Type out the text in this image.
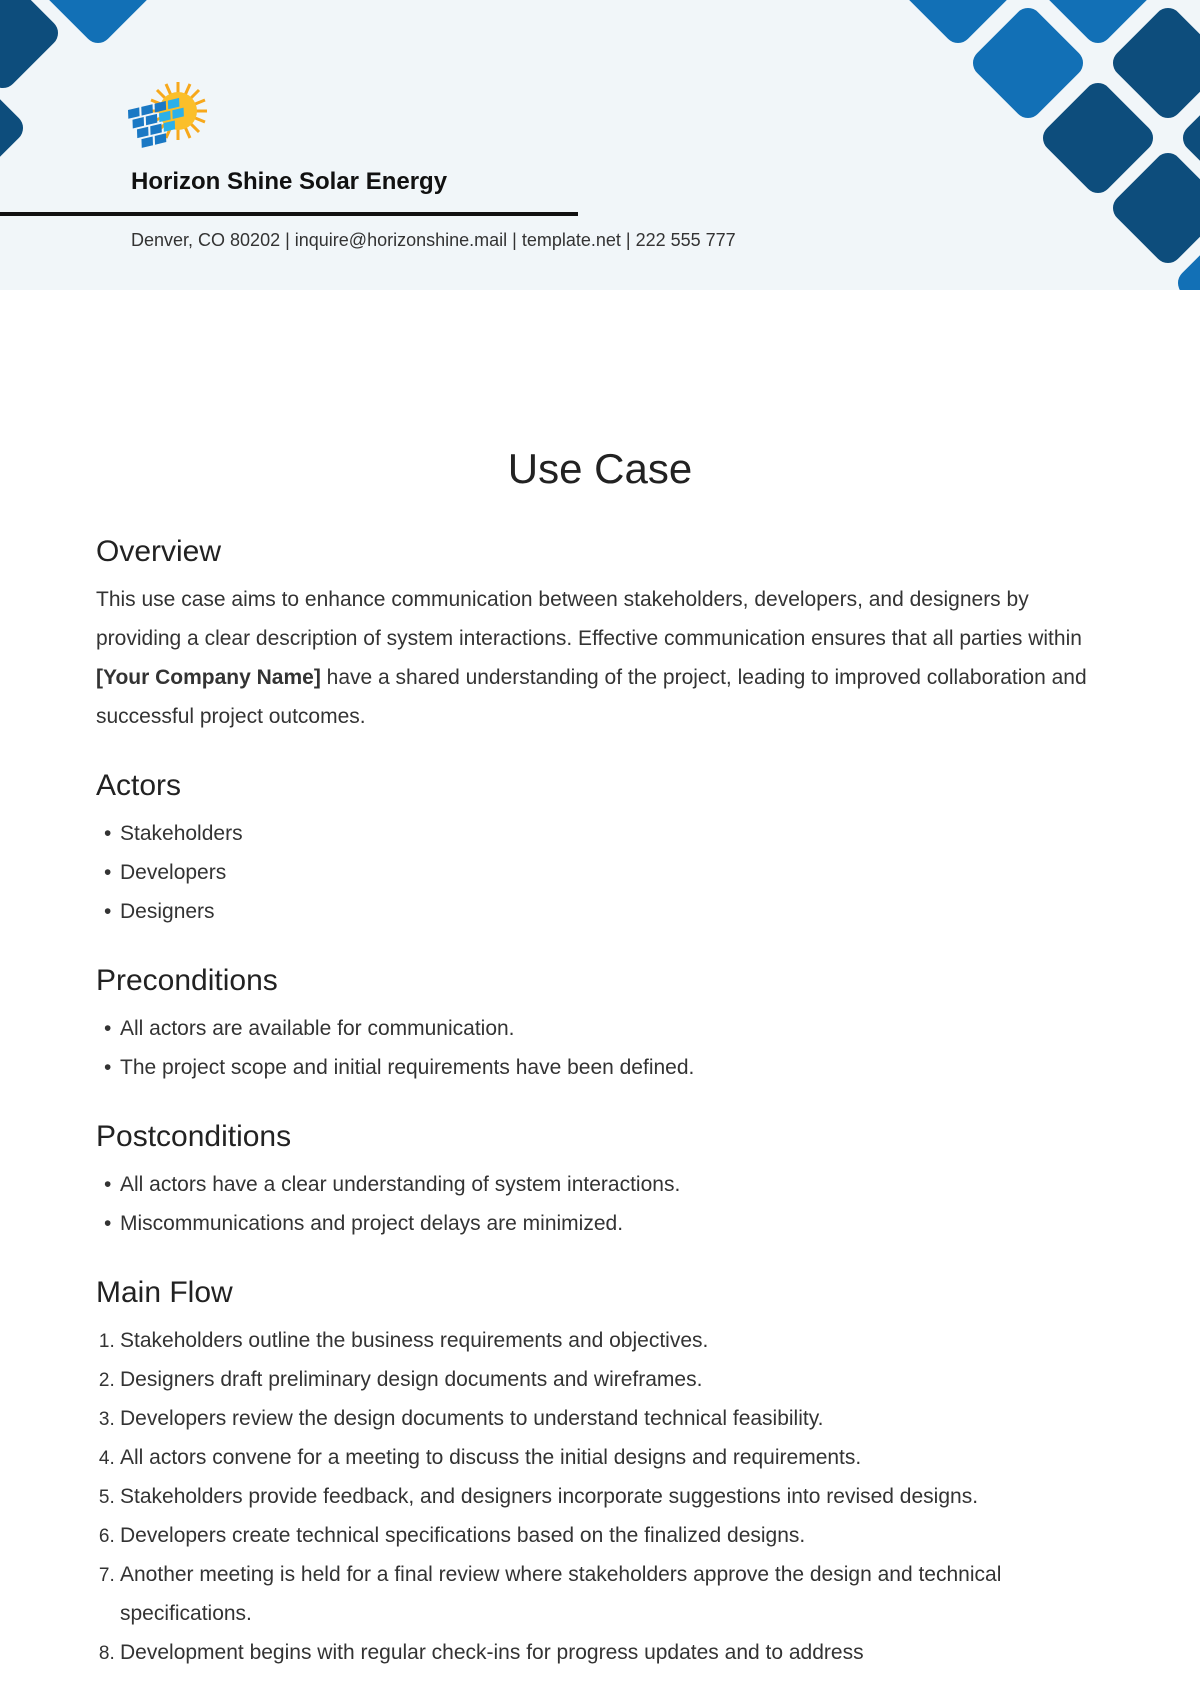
Horizon Shine Solar Energy
Denver, CO 80202 | inquire@horizonshine.mail | template.net | 222 555 777
Use Case
Overview

This use case aims to enhance communication between stakeholders, developers, and designers by providing a clear description of system interactions. Effective communication ensures that all parties within [Your Company Name] have a shared understanding of the project, leading to improved collaboration and successful project outcomes.

Actors
• Stakeholders
• Developers
• Designers
Preconditions
• All actors are available for communication.
• The project scope and initial requirements have been defined.
Postconditions
• All actors have a clear understanding of system interactions.
• Miscommunications and project delays are minimized.
Main Flow
1. Stakeholders outline the business requirements and objectives.
2. Designers draft preliminary design documents and wireframes.
3. Developers review the design documents to understand technical feasibility.
4. All actors convene for a meeting to discuss the initial designs and requirements.
5. Stakeholders provide feedback, and designers incorporate suggestions into revised designs.
6. Developers create technical specifications based on the finalized designs.
7. Another meeting is held for a final review where stakeholders approve the design and technical specifications.
8. Development begins with regular check-ins for progress updates and to address
